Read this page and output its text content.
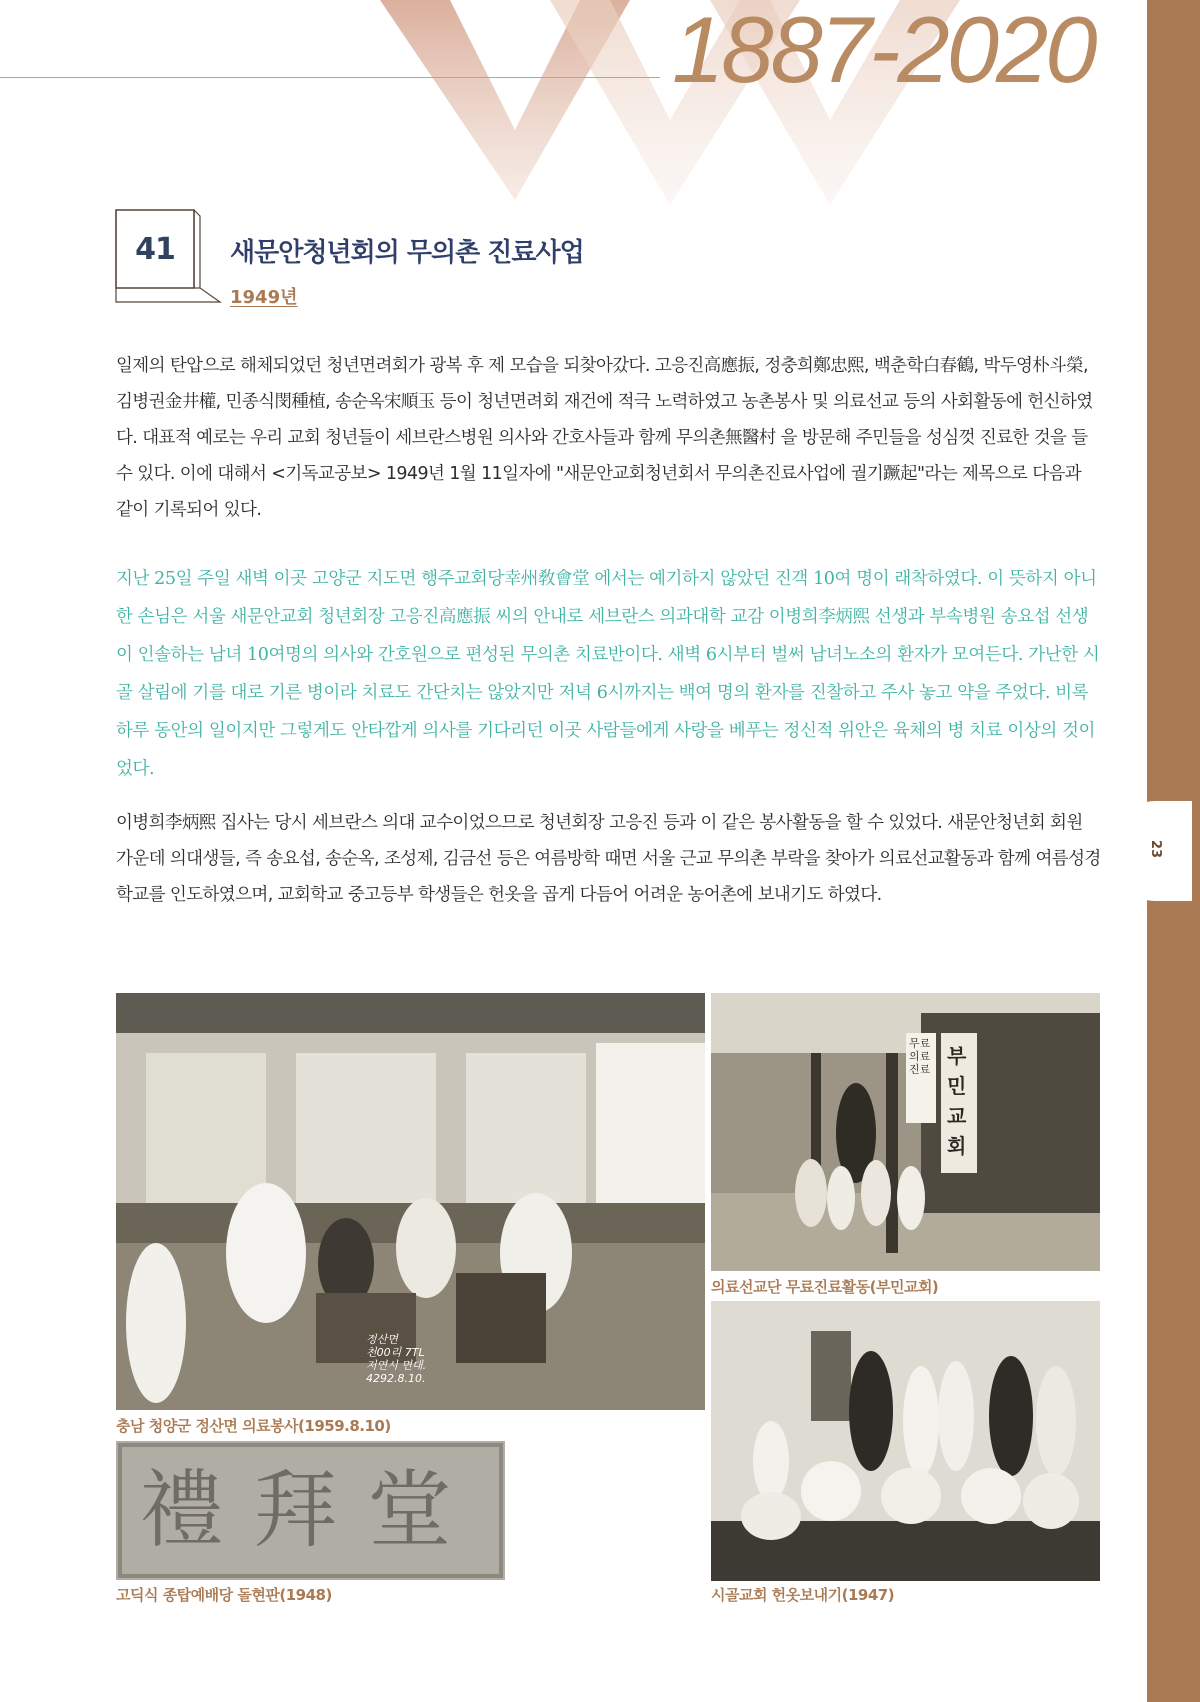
23
1887-2020
41	새문안청년회의 무의촌 진료사업
1949년
일제의 탄압으로 해체되었던 청년면려회가 광복 후 제 모습을 되찾아갔다. 고응진高應振, 정충희鄭忠熙, 백춘학白春鶴, 박두영朴斗榮, 김병권金井權, 민종식閔種植, 송순옥宋順玉 등이 청년면려회 재건에 적극 노력하였고 농촌봉사 및 의료선교 등의 사회활동에 헌신하였다. 대표적 예로는 우리 교회 청년들이 세브란스병원 의사와 간호사들과 함께 무의촌無醫村 을 방문해 주민들을 성심껏 진료한 것을 들 수 있다. 이에 대해서 <기독교공보> 1949년 1월 11일자에 "새문안교회청년회서 무의촌진료사업에 궐기蹶起"라는 제목으로 다음과 같이 기록되어 있다.
지난 25일 주일 새벽 이곳 고양군 지도면 행주교회당幸州敎會堂 에서는 예기하지 않았던 진객 10여 명이 래착하였다. 이 뜻하지 아니한 손님은 서울 새문안교회 청년회장 고응진高應振 씨의 안내로 세브란스 의과대학 교감 이병희李炳熙 선생과 부속병원 송요섭 선생이 인솔하는 남녀 10여명의 의사와 간호원으로 편성된 무의촌 치료반이다. 새벽 6시부터 벌써 남녀노소의 환자가 모여든다. 가난한 시골 살림에 기를 대로 기른 병이라 치료도 간단치는 않았지만 저녁 6시까지는 백여 명의 환자를 진찰하고 주사 놓고 약을 주었다. 비록 하루 동안의 일이지만 그렇게도 안타깝게 의사를 기다리던 이곳 사람들에게 사랑을 베푸는 정신적 위안은 육체의 병 치료 이상의 것이었다.
이병희李炳熙 집사는 당시 세브란스 의대 교수이었으므로 청년회장 고응진 등과 이 같은 봉사활동을 할 수 있었다. 새문안청년회 회원 가운데 의대생들, 즉 송요섭, 송순옥, 조성제, 김금선 등은 여름방학 때면 서울 근교 무의촌 부락을 찾아가 의료선교활동과 함께 여름성경학교를 인도하였으며, 교회학교 중고등부 학생들은 헌옷을 곱게 다듬어 어려운 농어촌에 보내기도 하였다.
정산면
천00리 7TL
저연시 면대.
4292.8.10.
충남 청양군 정산면 의료봉사(1959.8.10)
무료의료진료
부민교회
의료선교단 무료진료활동(부민교회)
禮拜堂
고딕식 종탑예배당 돌현판(1948)	시골교회 헌옷보내기(1947)
